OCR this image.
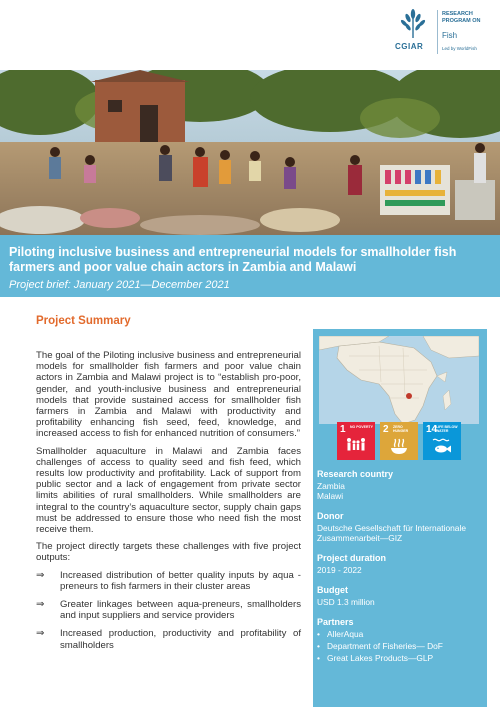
CGIAR
RESEARCH PROGRAM ON
Fish
Led by WorldFish
Piloting inclusive business and entrepreneurial models for smallholder fish farmers and poor value chain actors in Zambia and Malawi
Project brief: January 2021—December 2021
Project Summary

The goal of the Piloting inclusive business and entrepreneurial models for smallholder fish farmers and poor value chain actors in Zambia and Malawi project is to “establish pro-poor, gender, and youth-inclusive business and entrepreneurial models that provide sustained access for smallholder fish farmers in Zambia and Malawi with productivity and profitability enhancing fish seed, feed, knowledge, and increased access to fish for enhanced nutrition of consumers.”

Smallholder aquaculture in Malawi and Zambia faces challenges of access to quality seed and fish feed, which results low productivity and profitability. Lack of support from public sector and a lack of engagement from private sector limits abilities of rural smallholders. While smallholders are integral to the country’s aquaculture sector, supply chain gaps must be addressed to ensure those who need fish the most receive them.

The project directly targets these challenges with five project outputs:

⇒ Increased distribution of better quality inputs by aqua -preneurs to fish farmers in their cluster areas
⇒ Greater linkages between aqua-preneurs, smallholders and input suppliers and service providers
⇒ Increased production, productivity and profitability of smallholders
1 NO POVERTY 2 ZERO HUNGER	14
LIFE BELOW WATER
Research country
Zambia
Malawi
Donor
Deutsche Gesellschaft für Internationale Zusammenarbeit—GIZ
Project duration
2019 - 2022
Budget
USD 1.3 million
Partners
• AllerAqua
• Department of Fisheries— DoF
• Great Lakes Products—GLP
